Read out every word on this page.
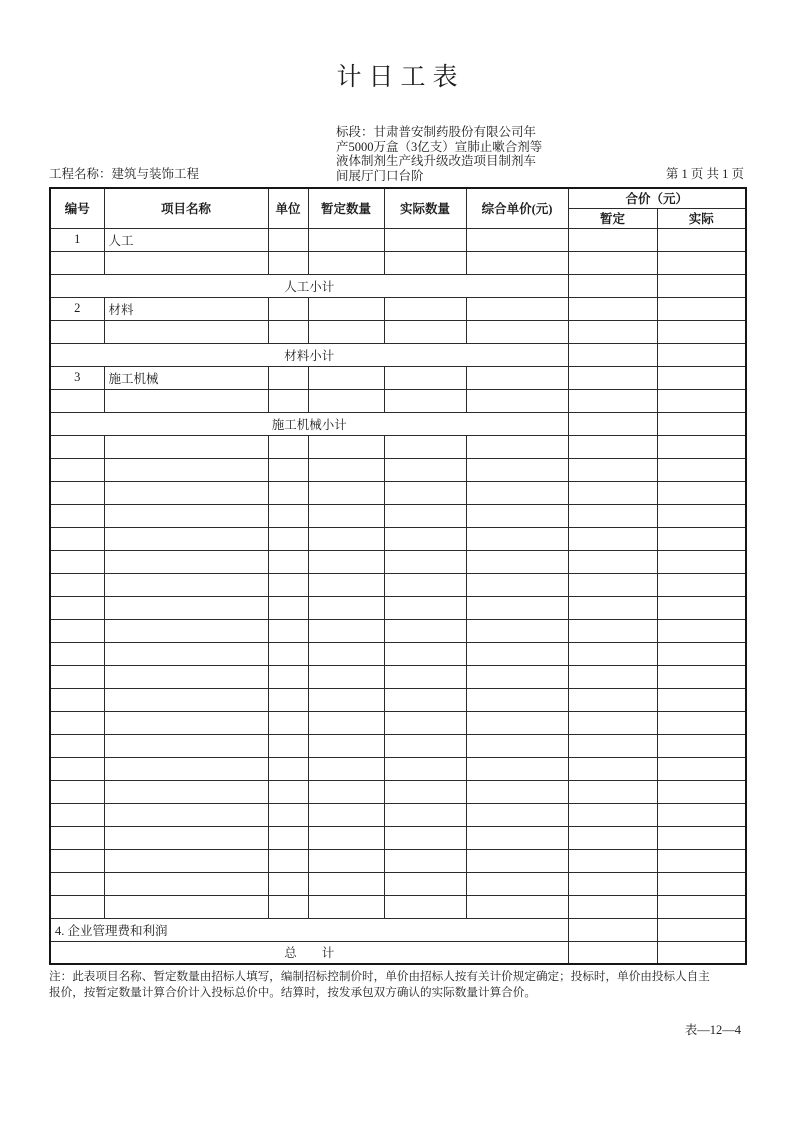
计日工表
工程名称：建筑与装饰工程
标段：甘肃普安制药股份有限公司年
产5000万盒（3亿支）宣肺止嗽合剂等
液体制剂生产线升级改造项目制剂车
间展厅门口台阶	第 1 页 共 1 页
编号	项目名称	单位	暂定数量	实际数量	综合单价(元)	合价（元）	
						暂定	实际
1	人工						

人工小计							
2	材料						

材料小计							
3	施工机械						

施工机械小计							

4. 企业管理费和利润							
总　　计							
注：此表项目名称、暂定数量由招标人填写，编制招标控制价时，单价由招标人按有关计价规定确定；投标时，单价由投标人自主
报价，按暂定数量计算合价计入投标总价中。结算时，按发承包双方确认的实际数量计算合价。
表—12—4
